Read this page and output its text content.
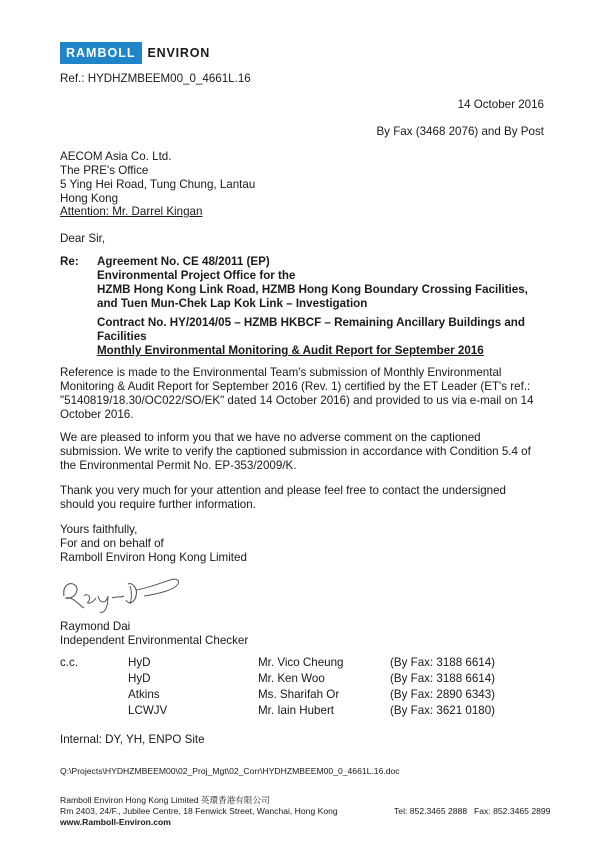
RAMBOLL ENVIRON
Ref.: HYDHZMBEEM00_0_4661L.16
14 October 2016
By Fax (3468 2076) and By Post
AECOM Asia Co. Ltd.
The PRE's Office
5 Ying Hei Road, Tung Chung, Lantau
Hong Kong
Attention: Mr. Darrel Kingan
Dear Sir,
Re: Agreement No. CE 48/2011 (EP)
Environmental Project Office for the
HZMB Hong Kong Link Road, HZMB Hong Kong Boundary Crossing Facilities,
and Tuen Mun-Chek Lap Kok Link – Investigation
Contract No. HY/2014/05 – HZMB HKBCF – Remaining Ancillary Buildings and
Facilities
Monthly Environmental Monitoring & Audit Report for September 2016
Reference is made to the Environmental Team's submission of Monthly Environmental
Monitoring & Audit Report for September 2016 (Rev. 1) certified by the ET Leader (ET's ref.:
"5140819/18.30/OC022/SO/EK" dated 14 October 2016) and provided to us via e-mail on 14
October 2016.
We are pleased to inform you that we have no adverse comment on the captioned
submission. We write to verify the captioned submission in accordance with Condition 5.4 of
the Environmental Permit No. EP-353/2009/K.
Thank you very much for your attention and please feel free to contact the undersigned
should you require further information.
Yours faithfully,
For and on behalf of
Ramboll Environ Hong Kong Limited
Raymond Dai
Independent Environmental Checker
c.c.	HyD	Mr. Vico Cheung	(By Fax: 3188 6614)
HyD	Mr. Ken Woo	(By Fax: 3188 6614)
Atkins	Ms. Sharifah Or	(By Fax: 2890 6343)
LCWJV	Mr. Iain Hubert	(By Fax: 3621 0180)
Internal: DY, YH, ENPO Site
Q:\Projects\HYDHZMBEEM00\02_Proj_Mgt\02_Corr\HYDHZMBEEM00_0_4661L.16.doc
Ramboll Environ Hong Kong Limited 英環香港有限公司
Rm 2403, 24/F., Jubilee Centre, 18 Fenwick Street, Wanchai, Hong Kong	Tel: 852.3465 2888 Fax: 852.3465 2899
www.Ramboll-Environ.com
